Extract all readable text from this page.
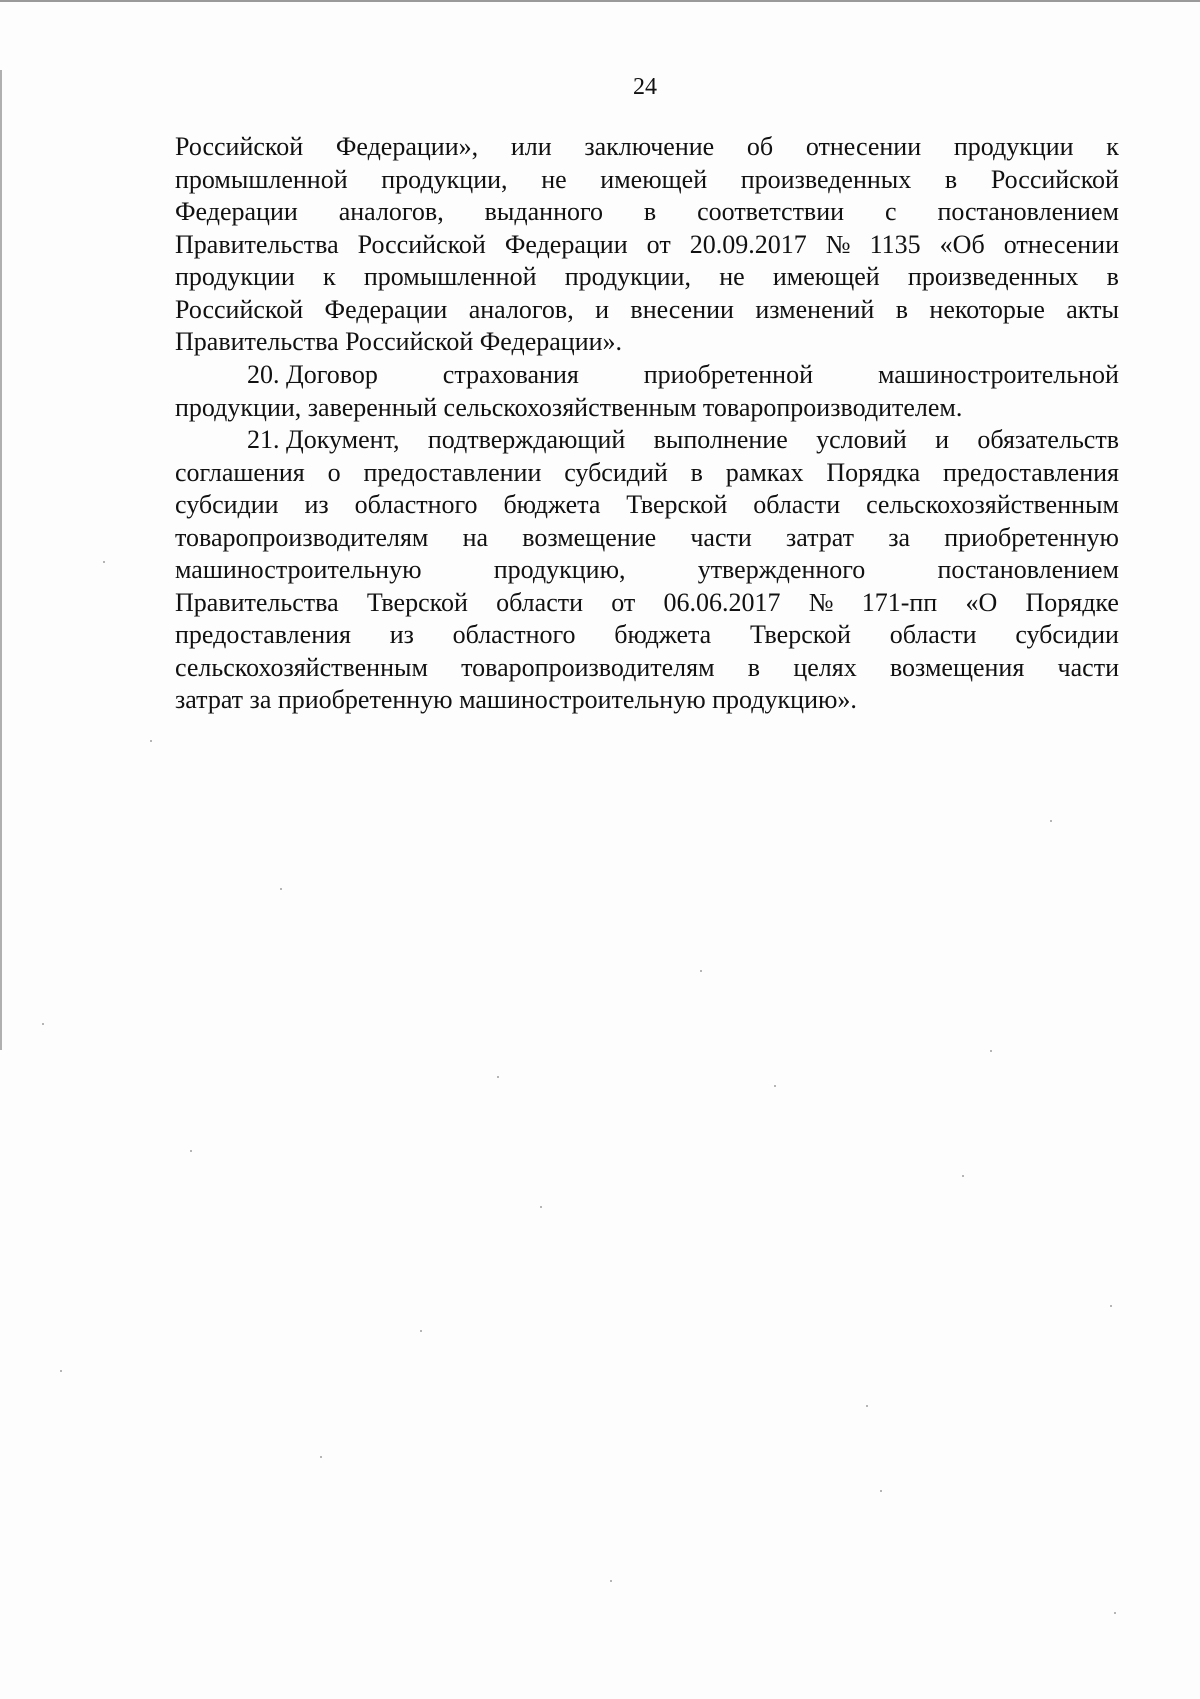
24
Российской Федерации», или заключение об отнесении продукции к
промышленной продукции, не имеющей произведенных в Российской
Федерации аналогов, выданного в соответствии с постановлением
Правительства Российской Федерации от 20.09.2017 № 1135 «Об отнесении
продукции к промышленной продукции, не имеющей произведенных в
Российской Федерации аналогов, и внесении изменений в некоторые акты
Правительства Российской Федерации».
20. Договор страхования приобретенной машиностроительной
продукции, заверенный сельскохозяйственным товаропроизводителем.
21. Документ, подтверждающий выполнение условий и обязательств
соглашения о предоставлении субсидий в рамках Порядка предоставления
субсидии из областного бюджета Тверской области сельскохозяйственным
товаропроизводителям на возмещение части затрат за приобретенную
машиностроительную	продукцию,	утвержденного	постановлением
Правительства Тверской области от 06.06.2017 № 171-пп «О Порядке
предоставления из областного бюджета Тверской области субсидии
сельскохозяйственным товаропроизводителям в целях возмещения части
затрат за приобретенную машиностроительную продукцию».
